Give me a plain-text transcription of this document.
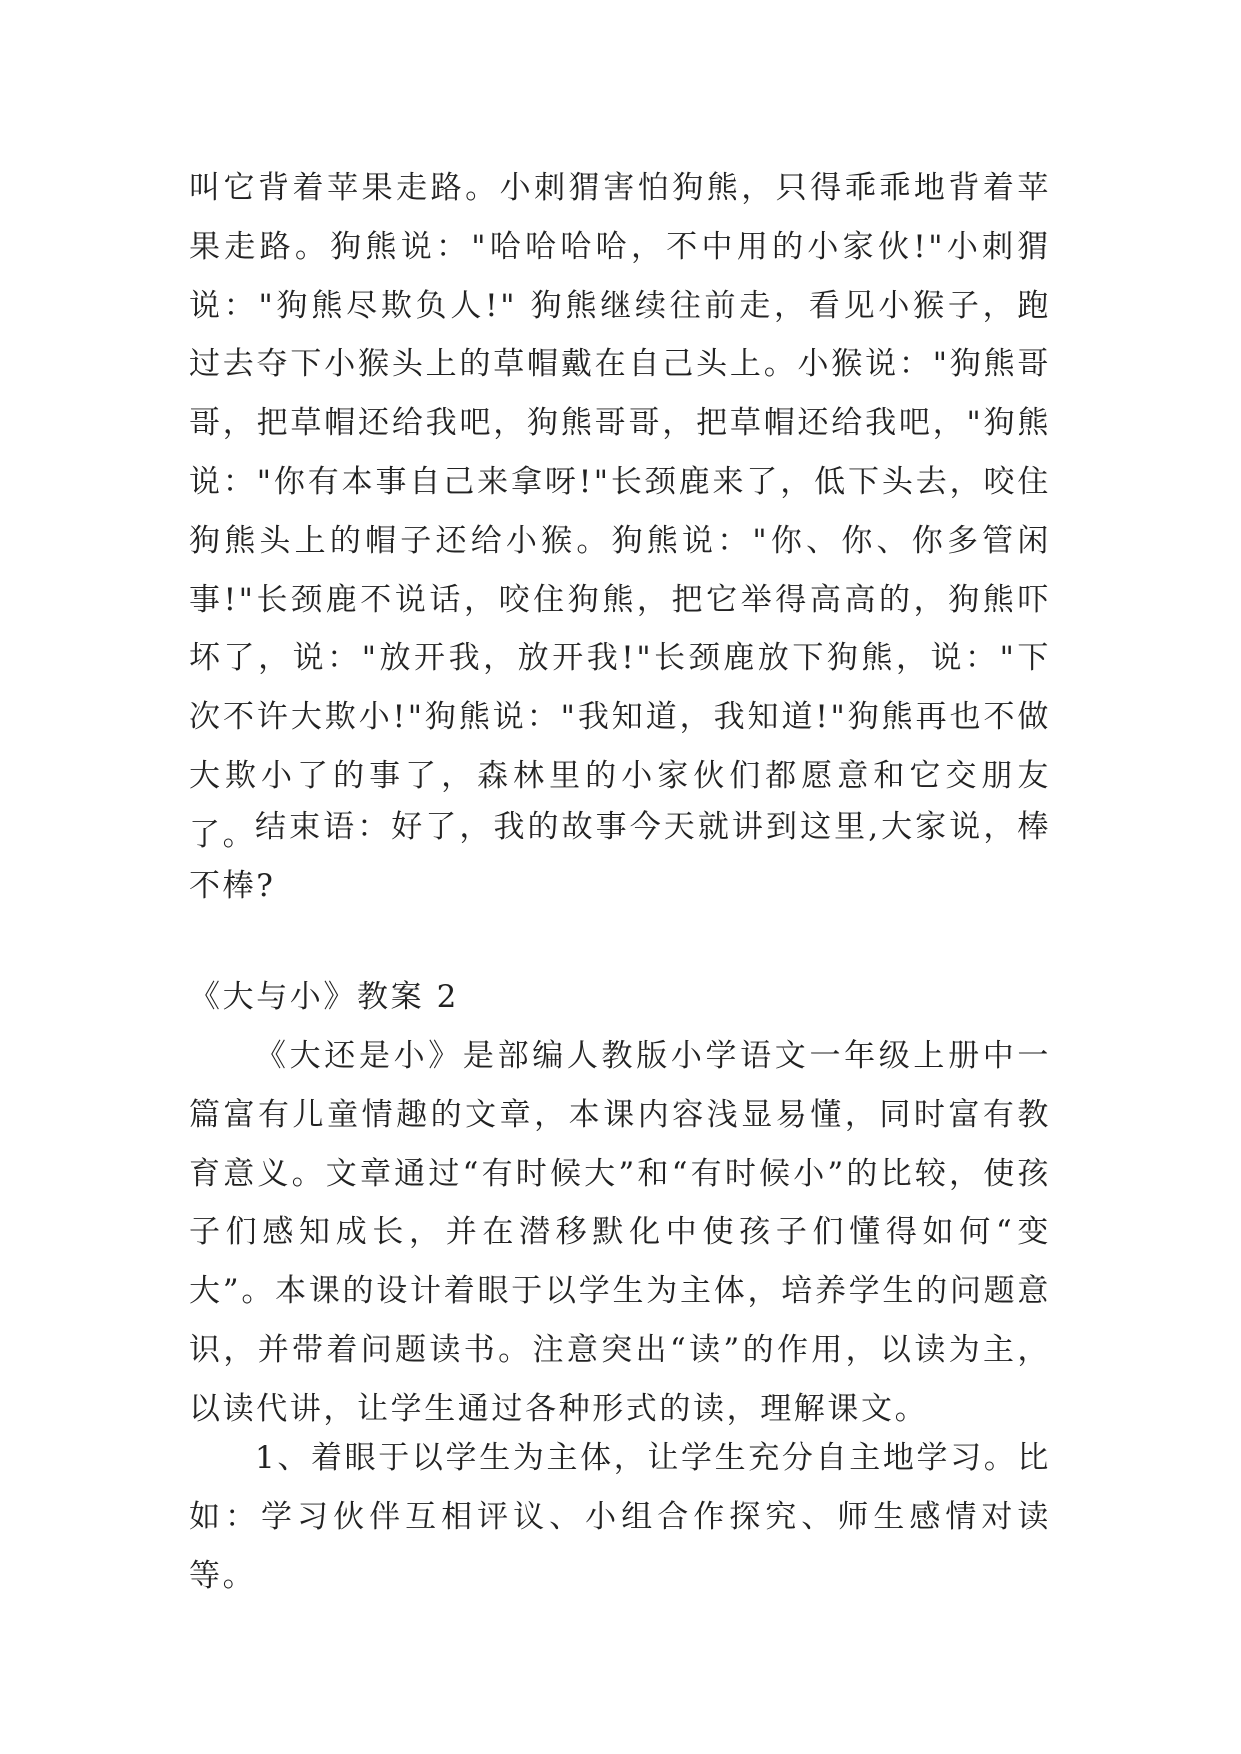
叫它背着苹果走路。小刺猬害怕狗熊，只得乖乖地背着苹果走路。狗熊说："哈哈哈哈，不中用的小家伙!"小刺猬说："狗熊尽欺负人!" 狗熊继续往前走，看见小猴子，跑过去夺下小猴头上的草帽戴在自己头上。小猴说："狗熊哥哥，把草帽还给我吧，狗熊哥哥，把草帽还给我吧，"狗熊说："你有本事自己来拿呀!"长颈鹿来了，低下头去，咬住狗熊头上的帽子还给小猴。狗熊说："你、你、你多管闲事!"长颈鹿不说话，咬住狗熊，把它举得高高的，狗熊吓坏了，说："放开我，放开我!"长颈鹿放下狗熊，说："下次不许大欺小!"狗熊说："我知道，我知道!"狗熊再也不做大欺小了的事了，森林里的小家伙们都愿意和它交朋友了。

结束语：好了，我的故事今天就讲到这里,大家说，棒不棒?

《大与小》教案 2

《大还是小》是部编人教版小学语文一年级上册中一篇富有儿童情趣的文章，本课内容浅显易懂，同时富有教育意义。文章通过“有时候大”和“有时候小”的比较，使孩子们感知成长，并在潜移默化中使孩子们懂得如何“变大”。本课的设计着眼于以学生为主体，培养学生的问题意识，并带着问题读书。注意突出“读”的作用，以读为主，以读代讲，让学生通过各种形式的读，理解课文。

1、着眼于以学生为主体，让学生充分自主地学习。比如：学习伙伴互相评议、小组合作探究、师生感情对读等。
